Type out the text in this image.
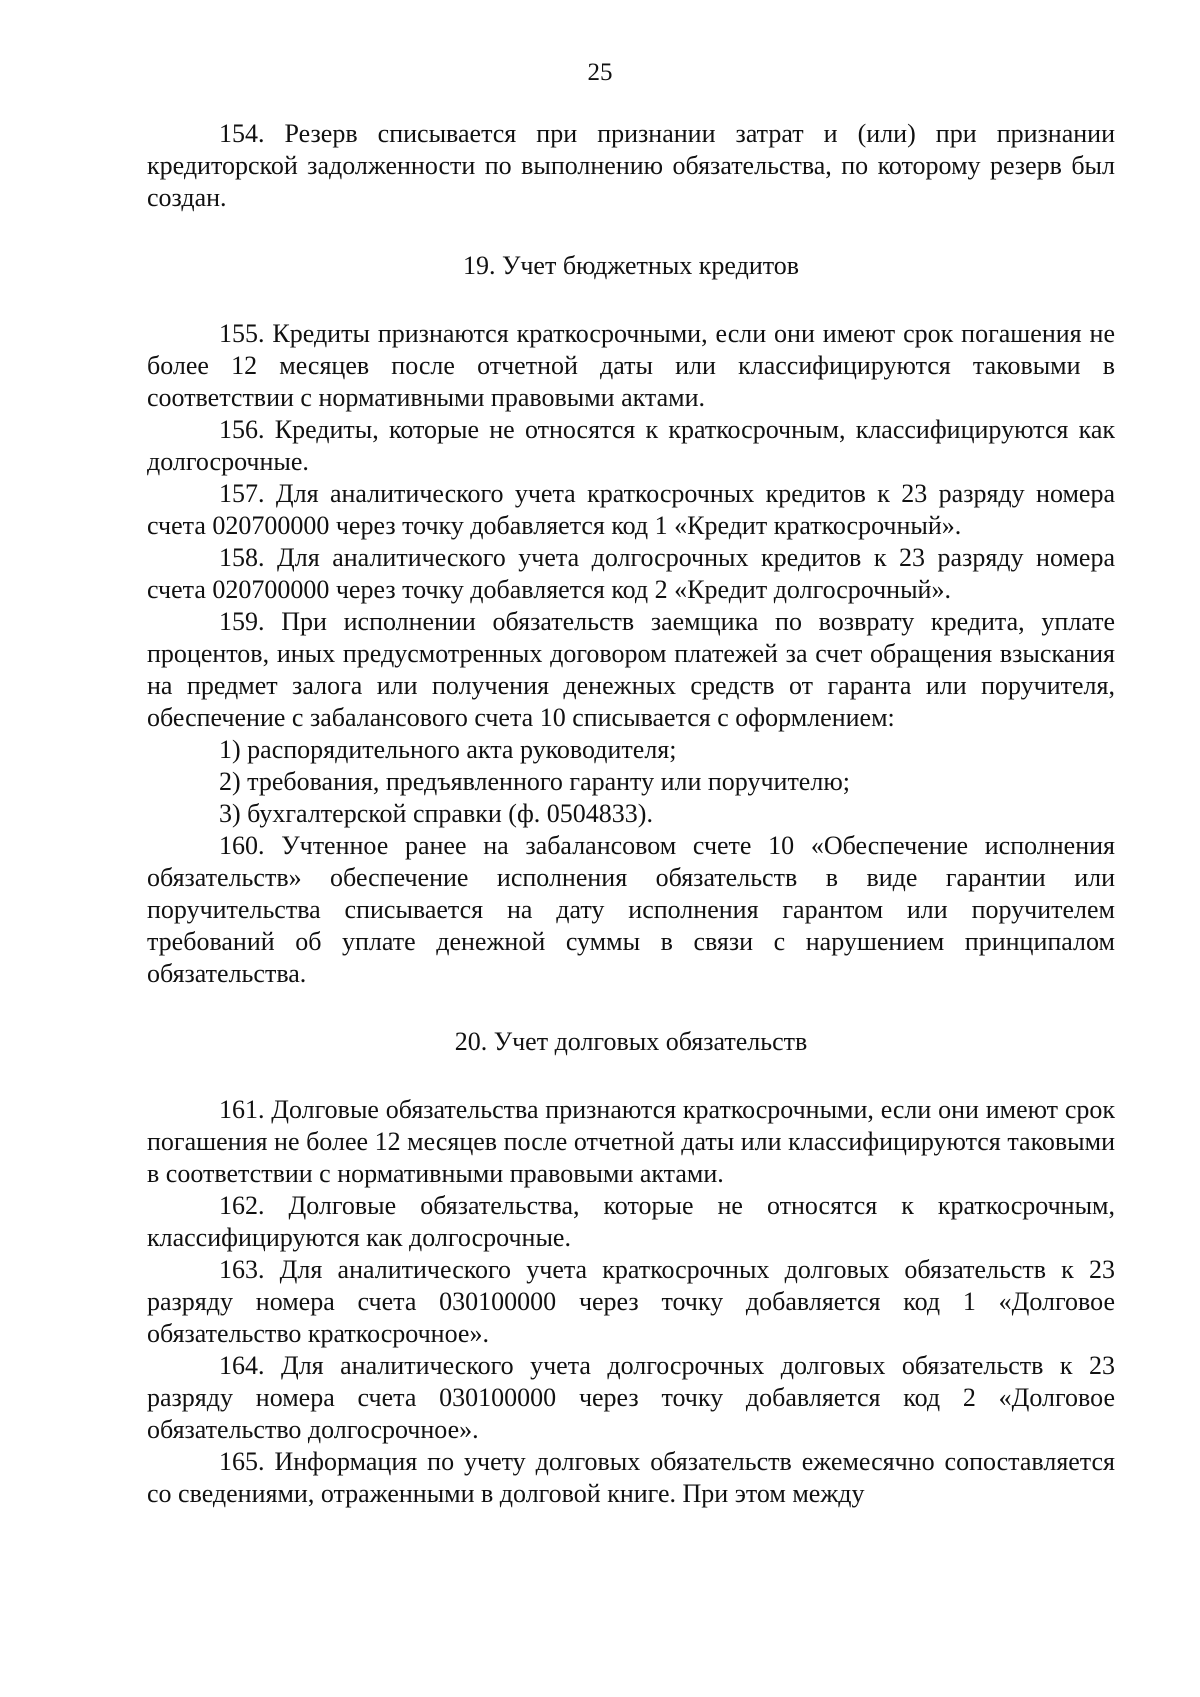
25

154. Резерв списывается при признании затрат и (или) при признании кредиторской задолженности по выполнению обязательства, по которому резерв был создан.

19. Учет бюджетных кредитов

155. Кредиты признаются краткосрочными, если они имеют срок погашения не более 12 месяцев после отчетной даты или классифицируются таковыми в соответствии с нормативными правовыми актами.

156. Кредиты, которые не относятся к краткосрочным, классифицируются как долгосрочные.

157. Для аналитического учета краткосрочных кредитов к 23 разряду номера счета 020700000 через точку добавляется код 1 «Кредит краткосрочный».

158. Для аналитического учета долгосрочных кредитов к 23 разряду номера счета 020700000 через точку добавляется код 2 «Кредит долгосрочный».

159. При исполнении обязательств заемщика по возврату кредита, уплате процентов, иных предусмотренных договором платежей за счет обращения взыскания на предмет залога или получения денежных средств от гаранта или поручителя, обеспечение с забалансового счета 10 списывается с оформлением:

1) распорядительного акта руководителя;

2) требования, предъявленного гаранту или поручителю;

3) бухгалтерской справки (ф. 0504833).

160. Учтенное ранее на забалансовом счете 10 «Обеспечение исполнения обязательств» обеспечение исполнения обязательств в виде гарантии или поручительства списывается на дату исполнения гарантом или поручителем требований об уплате денежной суммы в связи с нарушением принципалом обязательства.

20. Учет долговых обязательств

161. Долговые обязательства признаются краткосрочными, если они имеют срок погашения не более 12 месяцев после отчетной даты или классифицируются таковыми в соответствии с нормативными правовыми актами.

162. Долговые обязательства, которые не относятся к краткосрочным, классифицируются как долгосрочные.

163. Для аналитического учета краткосрочных долговых обязательств к 23 разряду номера счета 030100000 через точку добавляется код 1 «Долговое обязательство краткосрочное».

164. Для аналитического учета долгосрочных долговых обязательств к 23 разряду номера счета 030100000 через точку добавляется код 2 «Долговое обязательство долгосрочное».

165. Информация по учету долговых обязательств ежемесячно сопоставляется со сведениями, отраженными в долговой книге. При этом между
